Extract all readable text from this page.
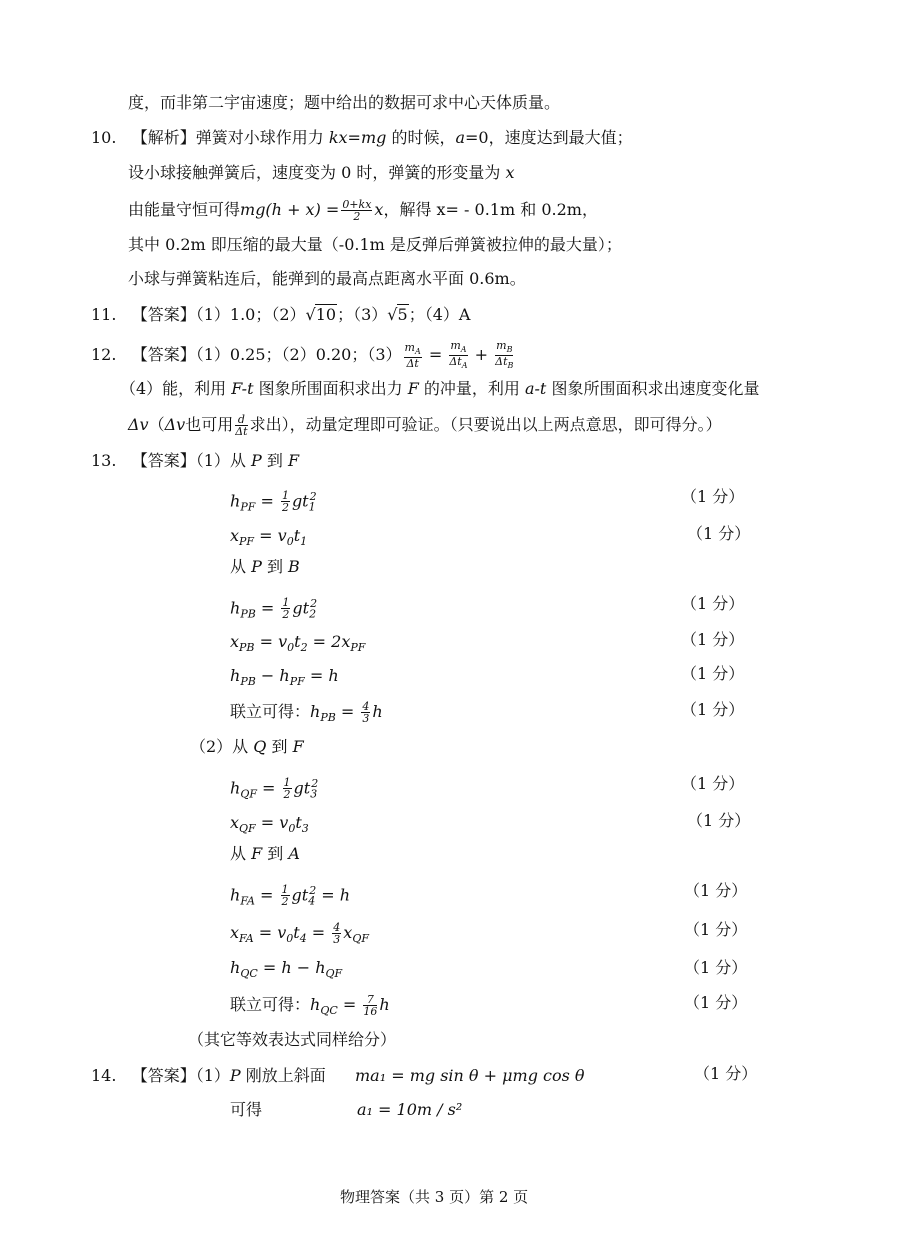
度，而非第二宇宙速度；题中给出的数据可求中心天体质量。
10. 【解析】弹簧对小球作用力 kx=mg 的时候，a=0，速度达到最大值；
设小球接触弹簧后，速度变为 0 时，弹簧的形变量为 x
由能量守恒可得$mg(h + x) = \frac{0+kx}{2}$ x，解得 x= - 0.1m 和 0.2m，
其中 0.2m 即压缩的最大量（-0.1m 是反弹后弹簧被拉伸的最大量）；
小球与弹簧粘连后，能弹到的最高点距离水平面 0.6m。
11. 【答案】（1）1.0；（2）√10；（3）√5；（4）A
12. 【答案】（1）0.25；（2）0.20；$(3) \frac{m_A}{\Delta t} = m_A$
$\Delta t_A$
+ $m_B$
$\Delta t_B$
（4）能，利用 F-t 图象所围面积求出力 F 的冲量，利用 a-t 图象所围面积求出速度变化量
Δv（Δv也可用 $\frac{d}{\Delta t}$ 求出），动量定理即可验证。（只要说出以上两点意思，即可得分。）
13. 【答案】（1）从 P 到 F
$h_{PF} = \frac{1}{2} gt_1^2$	（1 分）
$x_{PF} = v_0t_1$	（1 分）
从 P 到 B
$h_{PB} = \frac{1}{2} gt_2^2$	（1 分）
$x_{PB} = v_0t_2 = 2x_{PF}$	（1 分）
$h_{PB} - h_{PF} = h$	（1 分）
联立可得：$h_{PB} = \frac{4}{3}$ h	（1 分）
（2）从 Q 到 F
$h_{QF} = \frac{1}{2} gt_3^2$	（1 分）
$x_{QF} = v_0t_3$	（1 分）
从 F 到 A
$h_{FA} = \frac{1}{2} gt_4^2 = h$	（1 分）
$x_{FA} = v_0t_4 = \frac{4}{3} x_{QF}$	（1 分）
$h_{QC} = h - h_{QF}$	（1 分）
联立可得：$h_{QC} = \frac{7}{16}$ h	（1 分）
（其它等效表达式同样给分）
14. 【答案】（1）P 刚放上斜面 ma₁ = mg sin θ + μmg cos θ	（1 分）
可得	a₁ = 10m / s²
物理答案（共 3 页）第 2 页
